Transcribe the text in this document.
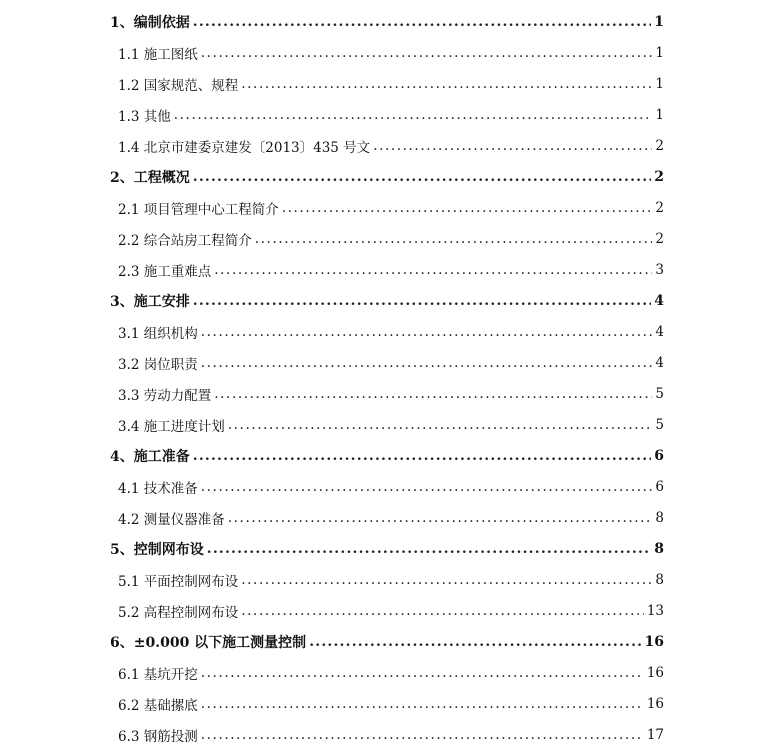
1、编制依据 .....	1
1.1 施工图纸 .....	1
1.2 国家规范、规程 .....	1
1.3 其他 .....	1
1.4 北京市建委京建发〔2013〕435 号文 .....	2
2、工程概况 .....	2
2.1 项目管理中心工程简介 .....	2
2.2 综合站房工程简介 .....	2
2.3 施工重难点 .....	3
3、施工安排 .....	4
3.1 组织机构 .....	4
3.2 岗位职责 .....	4
3.3 劳动力配置 .....	5
3.4 施工进度计划 .....	5
4、施工准备 .....	6
4.1 技术准备 .....	6
4.2 测量仪器准备 .....	8
5、控制网布设 .....	8
5.1 平面控制网布设 .....	8
5.2 高程控制网布设 .....	13
6、±0.000 以下施工测量控制 .....	16
6.1 基坑开挖 .....	16
6.2 基础摞底 .....	16
6.3 钢筋投测 .....	17
